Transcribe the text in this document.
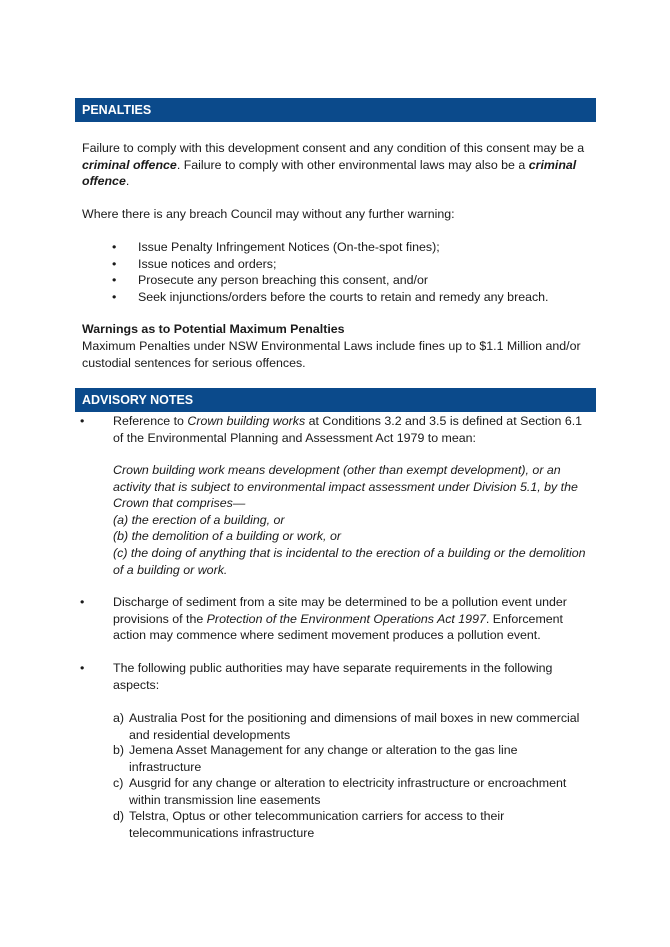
PENALTIES
Failure to comply with this development consent and any condition of this consent may be a criminal offence. Failure to comply with other environmental laws may also be a criminal offence.
Where there is any breach Council may without any further warning:
• Issue Penalty Infringement Notices (On-the-spot fines);
• Issue notices and orders;
• Prosecute any person breaching this consent, and/or
• Seek injunctions/orders before the courts to retain and remedy any breach.
Warnings as to Potential Maximum Penalties
Maximum Penalties under NSW Environmental Laws include fines up to $1.1 Million and/or custodial sentences for serious offences.
ADVISORY NOTES
• Reference to Crown building works at Conditions 3.2 and 3.5 is defined at Section 6.1 of the Environmental Planning and Assessment Act 1979 to mean:
Crown building work means development (other than exempt development), or an activity that is subject to environmental impact assessment under Division 5.1, by the Crown that comprises—
(a) the erection of a building, or
(b) the demolition of a building or work, or
(c) the doing of anything that is incidental to the erection of a building or the demolition of a building or work.
• Discharge of sediment from a site may be determined to be a pollution event under provisions of the Protection of the Environment Operations Act 1997. Enforcement action may commence where sediment movement produces a pollution event.
• The following public authorities may have separate requirements in the following aspects:
a) Australia Post for the positioning and dimensions of mail boxes in new commercial and residential developments
b) Jemena Asset Management for any change or alteration to the gas line infrastructure
c) Ausgrid for any change or alteration to electricity infrastructure or encroachment within transmission line easements
d) Telstra, Optus or other telecommunication carriers for access to their telecommunications infrastructure
